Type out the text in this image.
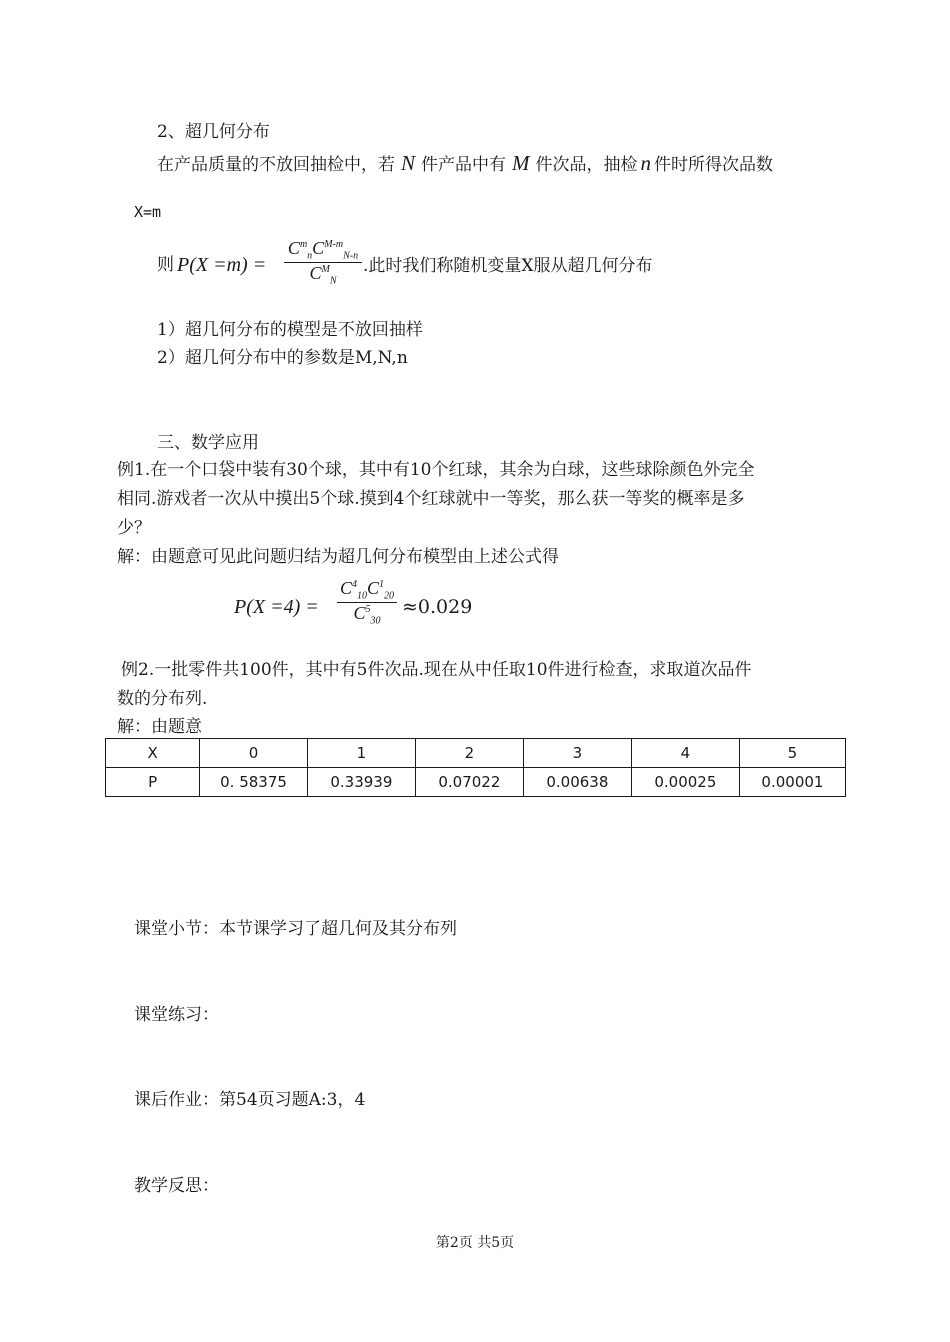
2、超几何分布
在产品质量的不放回抽检中，若 N 件产品中有 M 件次品，抽检 n 件时所得次品数
X=m
则 P(X =m) =
$C^m_nC^{M-m}_{N-n}$
$C^M_N$
.此时我们称随机变量X服从超几何分布
1）超几何分布的模型是不放回抽样
2）超几何分布中的参数是M,N,n
三、数学应用
例1.在一个口袋中装有30个球，其中有10个红球，其余为白球，这些球除颜色外完全
相同.游戏者一次从中摸出5个球.摸到4个红球就中一等奖，那么获一等奖的概率是多
少？
解：由题意可见此问题归结为超几何分布模型由上述公式得
P(X =4) =
$C^4_{10}C^1_{20}$
$C^5_{30}$
≈0.029
例2.一批零件共100件，其中有5件次品.现在从中任取10件进行检查，求取道次品件
数的分布列.
解：由题意
X	0	1	2	3	4	5
P	0. 58375	0.33939	0.07022	0.00638	0.00025	0.00001
课堂小节：本节课学习了超几何及其分布列
课堂练习：
课后作业：第54页习题A:3，4
教学反思：
第2页 共5页
